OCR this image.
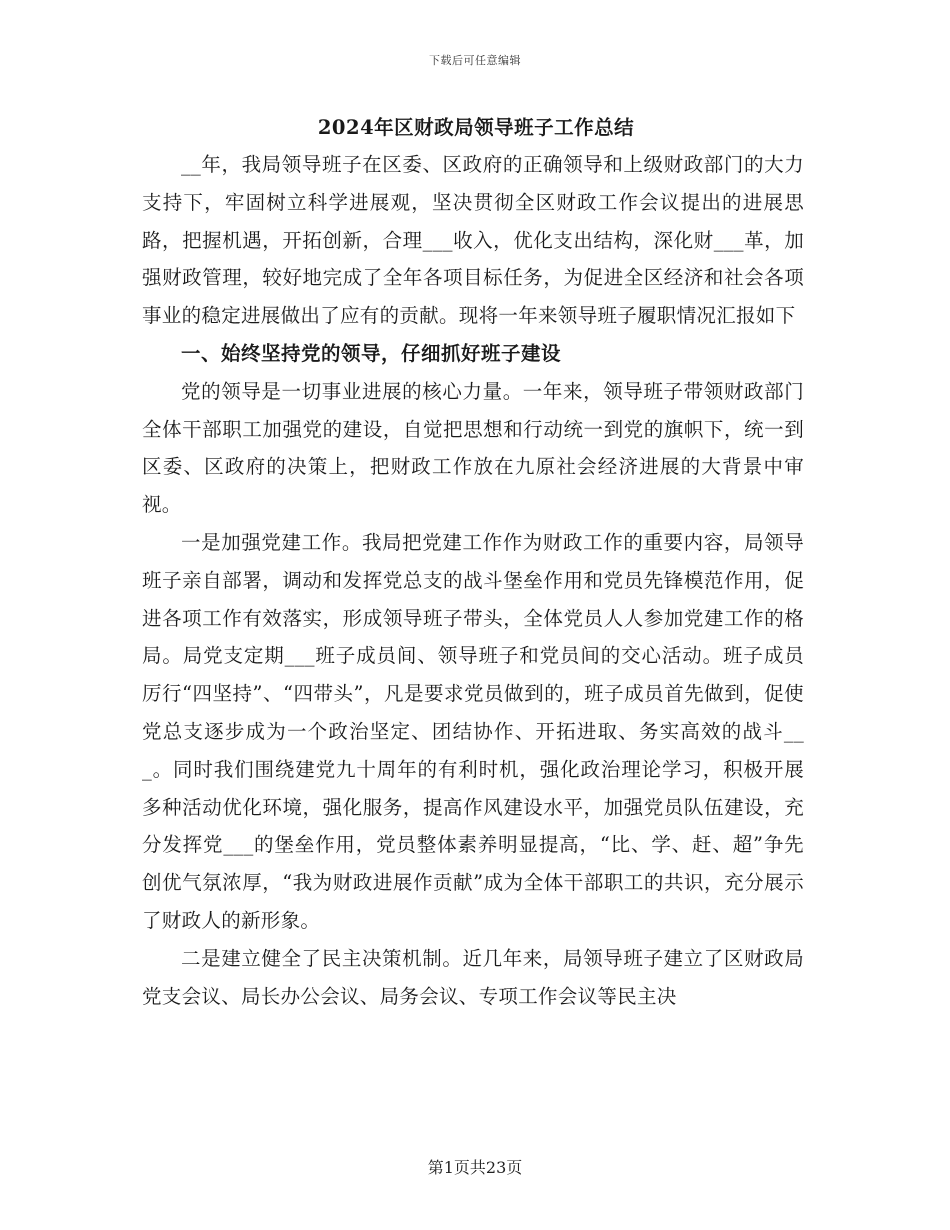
下载后可任意编辑
2024年区财政局领导班子工作总结

__年，我局领导班子在区委、区政府的正确领导和上级财政部门的大力支持下，牢固树立科学进展观，坚决贯彻全区财政工作会议提出的进展思路，把握机遇，开拓创新，合理___收入，优化支出结构，深化财___革，加强财政管理，较好地完成了全年各项目标任务，为促进全区经济和社会各项事业的稳定进展做出了应有的贡献。现将一年来领导班子履职情况汇报如下

一、始终坚持党的领导，仔细抓好班子建设

党的领导是一切事业进展的核心力量。一年来，领导班子带领财政部门全体干部职工加强党的建设，自觉把思想和行动统一到党的旗帜下，统一到区委、区政府的决策上，把财政工作放在九原社会经济进展的大背景中审视。

一是加强党建工作。我局把党建工作作为财政工作的重要内容，局领导班子亲自部署，调动和发挥党总支的战斗堡垒作用和党员先锋模范作用，促进各项工作有效落实，形成领导班子带头，全体党员人人参加党建工作的格局。局党支定期___班子成员间、领导班子和党员间的交心活动。班子成员厉行“四坚持”、“四带头”，凡是要求党员做到的，班子成员首先做到，促使党总支逐步成为一个政治坚定、团结协作、开拓进取、务实高效的战斗___。同时我们围绕建党九十周年的有利时机，强化政治理论学习，积极开展多种活动优化环境，强化服务，提高作风建设水平，加强党员队伍建设，充分发挥党___的堡垒作用，党员整体素养明显提高，“比、学、赶、超”争先创优气氛浓厚，“我为财政进展作贡献”成为全体干部职工的共识，充分展示了财政人的新形象。

二是建立健全了民主决策机制。近几年来，局领导班子建立了区财政局党支会议、局长办公会议、局务会议、专项工作会议等民主决

第1页共23页
